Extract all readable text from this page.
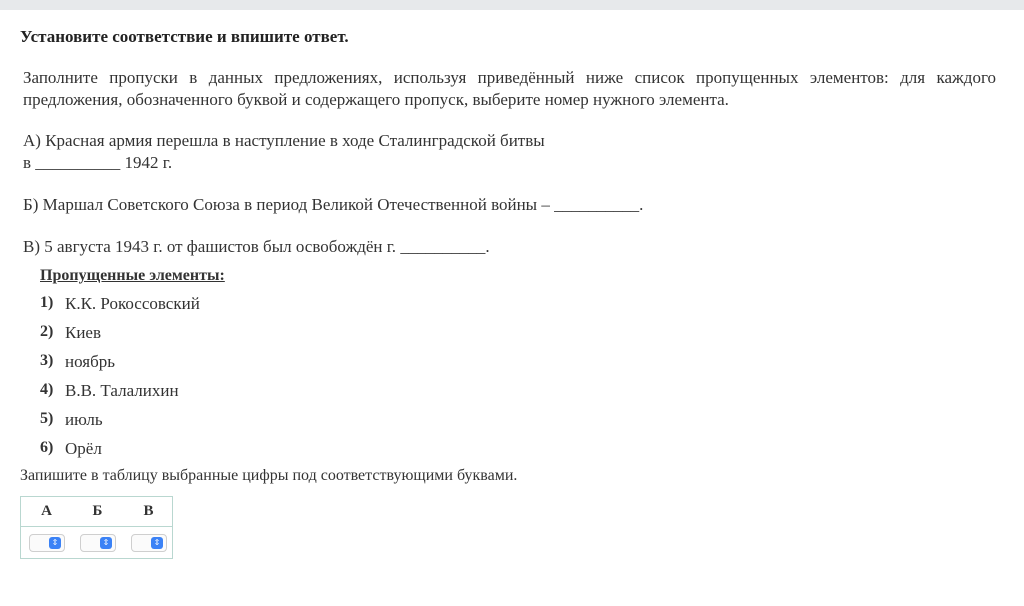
Установите соответствие и впишите ответ.
Заполните пропуски в данных предложениях, используя приведённый ниже список пропущенных элементов: для каждого предложения, обозначенного буквой и содержащего пропуск, выберите номер нужного элемента.
А) Красная армия перешла в наступление в ходе Сталинградской битвы
в __________ 1942 г.
Б) Маршал Советского Союза в период Великой Отечественной войны – __________.
В) 5 августа 1943 г. от фашистов был освобождён г. __________.
Пропущенные элементы:
1) К.К. Рокоссовский
2) Киев
3) ноябрь
4) В.В. Талалихин
5) июль
6) Орёл
Запишите в таблицу выбранные цифры под соответствующими буквами.
А	Б	В
⇕	⇕	⇕
